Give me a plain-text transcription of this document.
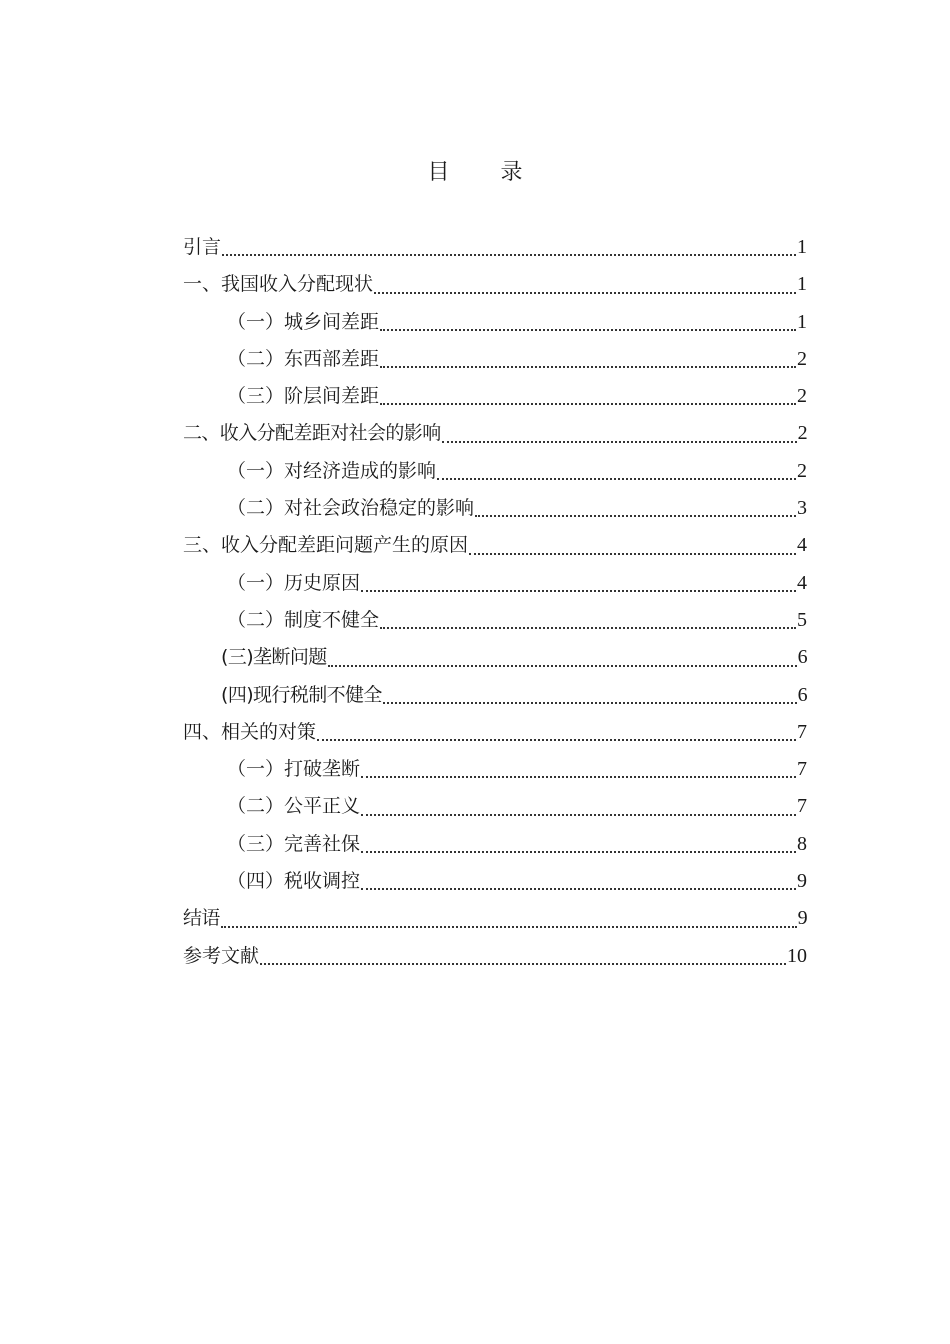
目 录
引言	1
一、我国收入分配现状	1
（一）城乡间差距	1
（二）东西部差距	2
（三）阶层间差距	2
二、收入分配差距对社会的影响	2
（一）对经济造成的影响	2
（二）对社会政治稳定的影响	3
三、收入分配差距问题产生的原因	4
（一）历史原因	4
（二）制度不健全	5
(三)垄断问题	6
(四)现行税制不健全	6
四、相关的对策	7
（一）打破垄断	7
（二）公平正义	7
（三）完善社保	8
（四）税收调控	9
结语	9
参考文献	10
